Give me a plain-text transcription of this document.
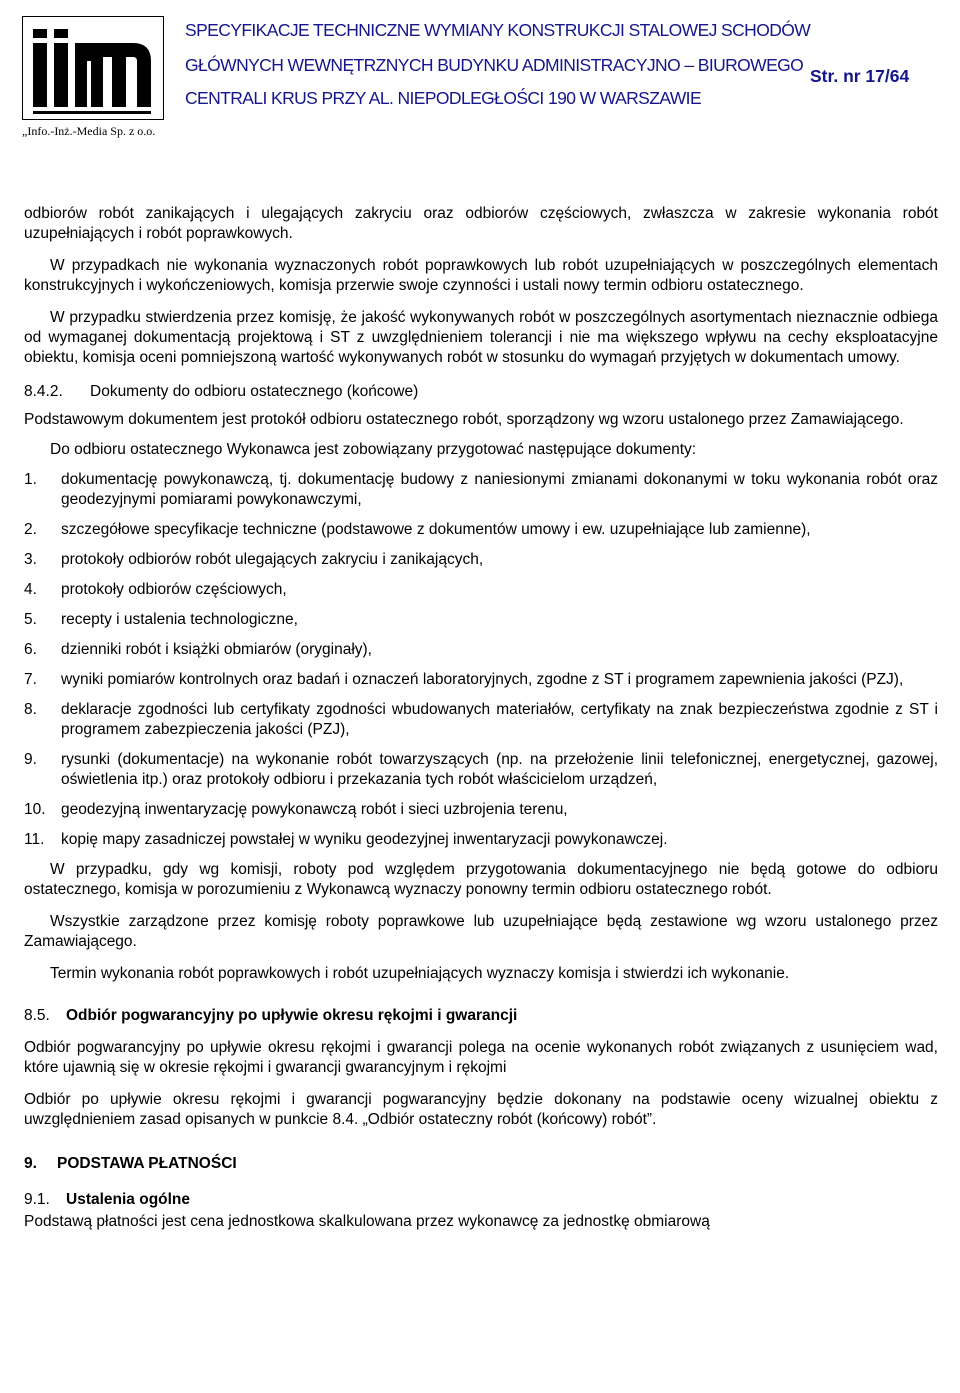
„Info.-Inż.-Media Sp. z o.o.
SPECYFIKACJE TECHNICZNE WYMIANY KONSTRUKCJI STALOWEJ SCHODÓW
GŁÓWNYCH WEWNĘTRZNYCH BUDYNKU ADMINISTRACYJNO – BIUROWEGO
CENTRALI KRUS PRZY AL. NIEPODLEGŁOŚCI 190 W WARSZAWIE
Str. nr 17/64

odbiorów robót zanikających i ulegających zakryciu oraz odbiorów częściowych, zwłaszcza w zakresie wykonania robót uzupełniających i robót poprawkowych.

W przypadkach nie wykonania wyznaczonych robót poprawkowych lub robót uzupełniających w poszczególnych elementach konstrukcyjnych i wykończeniowych, komisja przerwie swoje czynności i ustali nowy termin odbioru ostatecznego.

W przypadku stwierdzenia przez komisję, że jakość wykonywanych robót w poszczególnych asortymentach nieznacznie odbiega od wymaganej dokumentacją projektową i ST z uwzględnieniem tolerancji i nie ma większego wpływu na cechy eksploatacyjne obiektu, komisja oceni pomniejszoną wartość wykonywanych robót w stosunku do wymagań przyjętych w dokumentach umowy.

8.4.2. Dokumenty do odbioru ostatecznego (końcowe)

Podstawowym dokumentem jest protokół odbioru ostatecznego robót, sporządzony wg wzoru ustalonego przez Zamawiającego.

Do odbioru ostatecznego Wykonawca jest zobowiązany przygotować następujące dokumenty:

1. dokumentację powykonawczą, tj. dokumentację budowy z naniesionymi zmianami dokonanymi w toku wykonania robót oraz geodezyjnymi pomiarami powykonawczymi,
2. szczegółowe specyfikacje techniczne (podstawowe z dokumentów umowy i ew. uzupełniające lub zamienne),
3. protokoły odbiorów robót ulegających zakryciu i zanikających,
4. protokoły odbiorów częściowych,
5. recepty i ustalenia technologiczne,
6. dzienniki robót i książki obmiarów (oryginały),
7. wyniki pomiarów kontrolnych oraz badań i oznaczeń laboratoryjnych, zgodne z ST i programem zapewnienia jakości (PZJ),
8. deklaracje zgodności lub certyfikaty zgodności wbudowanych materiałów, certyfikaty na znak bezpieczeństwa zgodnie z ST i programem zabezpieczenia jakości (PZJ),
9. rysunki (dokumentacje) na wykonanie robót towarzyszących (np. na przełożenie linii telefonicznej, energetycznej, gazowej, oświetlenia itp.) oraz protokoły odbioru i przekazania tych robót właścicielom urządzeń,
10. geodezyjną inwentaryzację powykonawczą robót i sieci uzbrojenia terenu,
11. kopię mapy zasadniczej powstałej w wyniku geodezyjnej inwentaryzacji powykonawczej.

W przypadku, gdy wg komisji, roboty pod względem przygotowania dokumentacyjnego nie będą gotowe do odbioru ostatecznego, komisja w porozumieniu z Wykonawcą wyznaczy ponowny termin odbioru ostatecznego robót.

Wszystkie zarządzone przez komisję roboty poprawkowe lub uzupełniające będą zestawione wg wzoru ustalonego przez Zamawiającego.

Termin wykonania robót poprawkowych i robót uzupełniających wyznaczy komisja i stwierdzi ich wykonanie.

8.5. Odbiór pogwarancyjny po upływie okresu rękojmi i gwarancji

Odbiór pogwarancyjny po upływie okresu rękojmi i gwarancji polega na ocenie wykonanych robót związanych z usunięciem wad, które ujawnią się w okresie rękojmi i gwarancji gwarancyjnym i rękojmi

Odbiór po upływie okresu rękojmi i gwarancji pogwarancyjny będzie dokonany na podstawie oceny wizualnej obiektu z uwzględnieniem zasad opisanych w punkcie 8.4. „Odbiór ostateczny robót (końcowy) robót”.

9. PODSTAWA PŁATNOŚCI

9.1. Ustalenia ogólne

Podstawą płatności jest cena jednostkowa skalkulowana przez wykonawcę za jednostkę obmiarową
